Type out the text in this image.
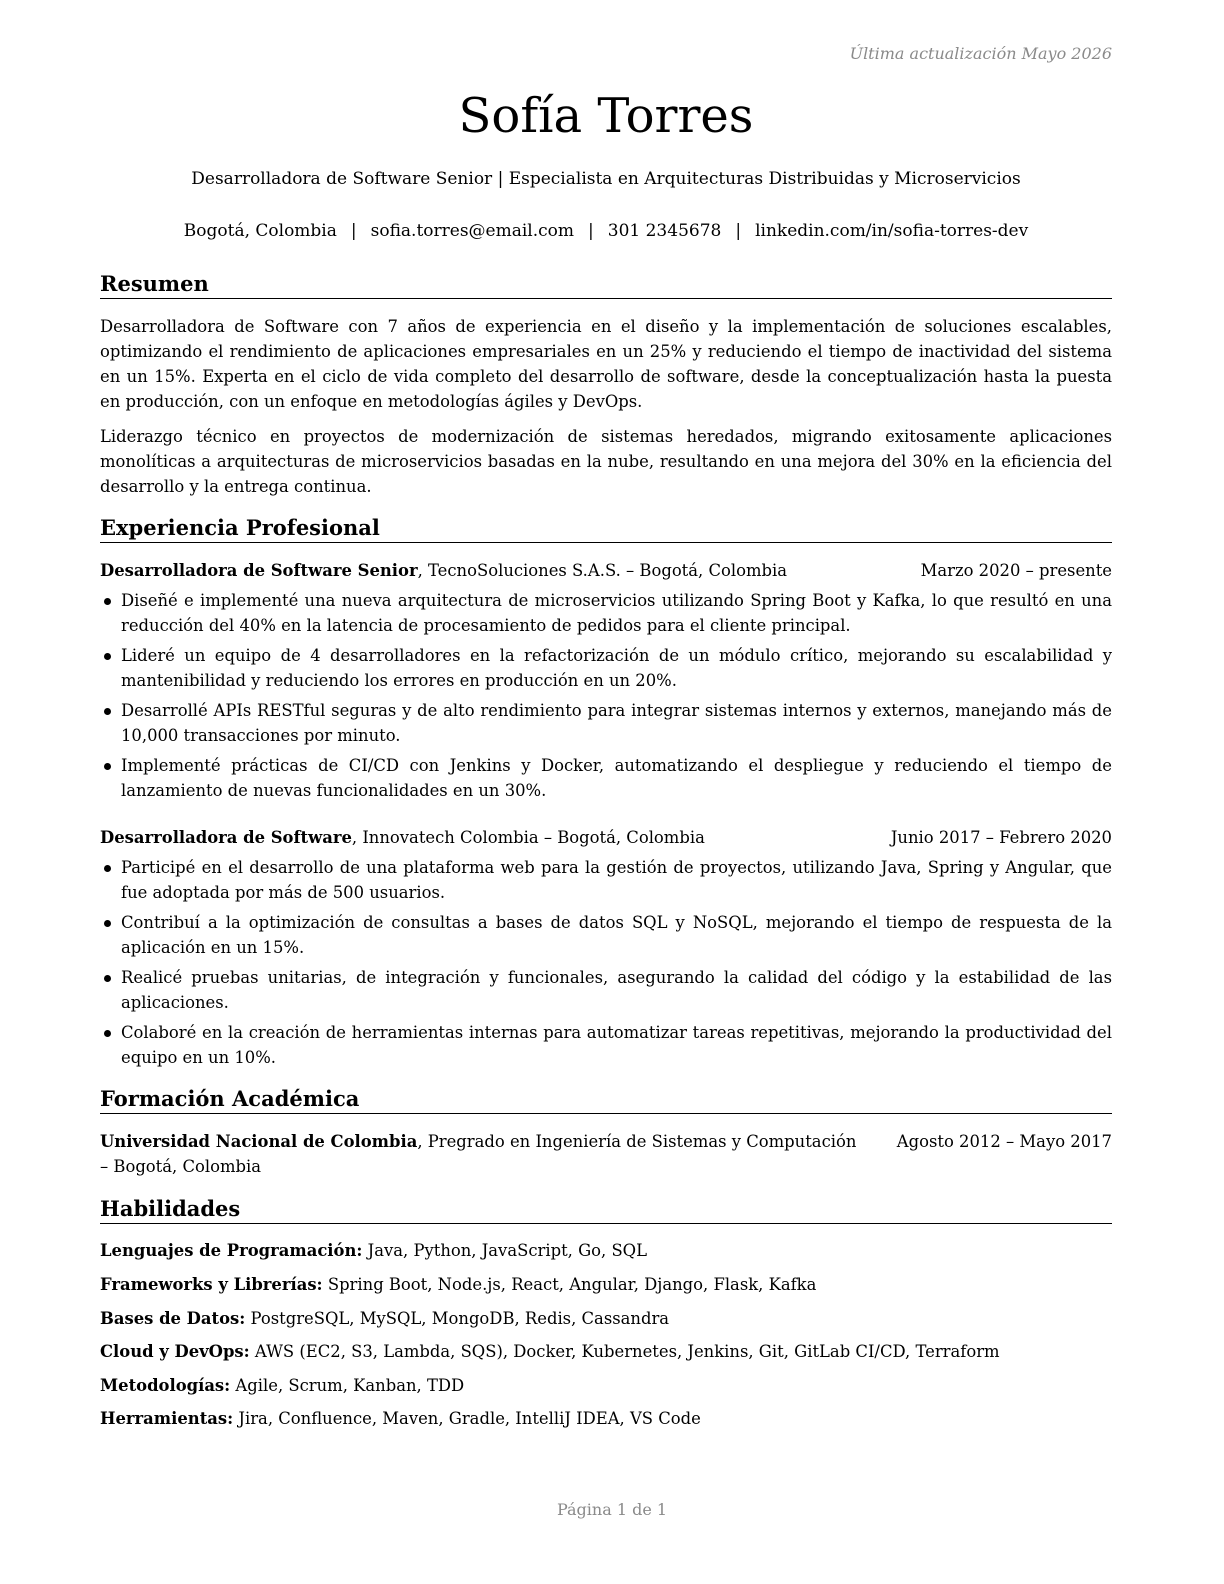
Última actualización Mayo 2026
Sofía Torres
Desarrolladora de Software Senior | Especialista en Arquitecturas Distribuidas y Microservicios
Bogotá, Colombia | sofia.torres@email.com | 301 2345678 | linkedin.com/in/sofia-torres-dev
Resumen
Desarrolladora de Software con 7 años de experiencia en el diseño y la implementación de soluciones escalables, optimizando el rendimiento de aplicaciones empresariales en un 25% y reduciendo el tiempo de inactividad del sistema en un 15%. Experta en el ciclo de vida completo del desarrollo de software, desde la conceptualización hasta la puesta en producción, con un enfoque en metodologías ágiles y DevOps.
Liderazgo técnico en proyectos de modernización de sistemas heredados, migrando exitosamente aplicaciones monolíticas a arquitecturas de microservicios basadas en la nube, resultando en una mejora del 30% en la eficiencia del desarrollo y la entrega continua.
Experiencia Profesional
Desarrolladora de Software Senior, TecnoSoluciones S.A.S. – Bogotá, Colombia	Marzo 2020 – presente
Diseñé e implementé una nueva arquitectura de microservicios utilizando Spring Boot y Kafka, lo que resultó en una reducción del 40% en la latencia de procesamiento de pedidos para el cliente principal.
Lideré un equipo de 4 desarrolladores en la refactorización de un módulo crítico, mejorando su escalabilidad y mantenibilidad y reduciendo los errores en producción en un 20%.
Desarrollé APIs RESTful seguras y de alto rendimiento para integrar sistemas internos y externos, manejando más de 10,000 transacciones por minuto.
Implementé prácticas de CI/CD con Jenkins y Docker, automatizando el despliegue y reduciendo el tiempo de lanzamiento de nuevas funcionalidades en un 30%.
Desarrolladora de Software, Innovatech Colombia – Bogotá, Colombia	Junio 2017 – Febrero 2020
Participé en el desarrollo de una plataforma web para la gestión de proyectos, utilizando Java, Spring y Angular, que fue adoptada por más de 500 usuarios.
Contribuí a la optimización de consultas a bases de datos SQL y NoSQL, mejorando el tiempo de respuesta de la aplicación en un 15%.
Realicé pruebas unitarias, de integración y funcionales, asegurando la calidad del código y la estabilidad de las aplicaciones.
Colaboré en la creación de herramientas internas para automatizar tareas repetitivas, mejorando la productividad del equipo en un 10%.
Formación Académica
Agosto 2012 – Mayo 2017
Universidad Nacional de Colombia, Pregrado en Ingeniería de Sistemas y Computación
– Bogotá, Colombia
Habilidades
Lenguajes de Programación: Java, Python, JavaScript, Go, SQL
Frameworks y Librerías: Spring Boot, Node.js, React, Angular, Django, Flask, Kafka
Bases de Datos: PostgreSQL, MySQL, MongoDB, Redis, Cassandra
Cloud y DevOps: AWS (EC2, S3, Lambda, SQS), Docker, Kubernetes, Jenkins, Git, GitLab CI/CD, Terraform
Metodologías: Agile, Scrum, Kanban, TDD
Herramientas: Jira, Confluence, Maven, Gradle, IntelliJ IDEA, VS Code
Página 1 de 1
